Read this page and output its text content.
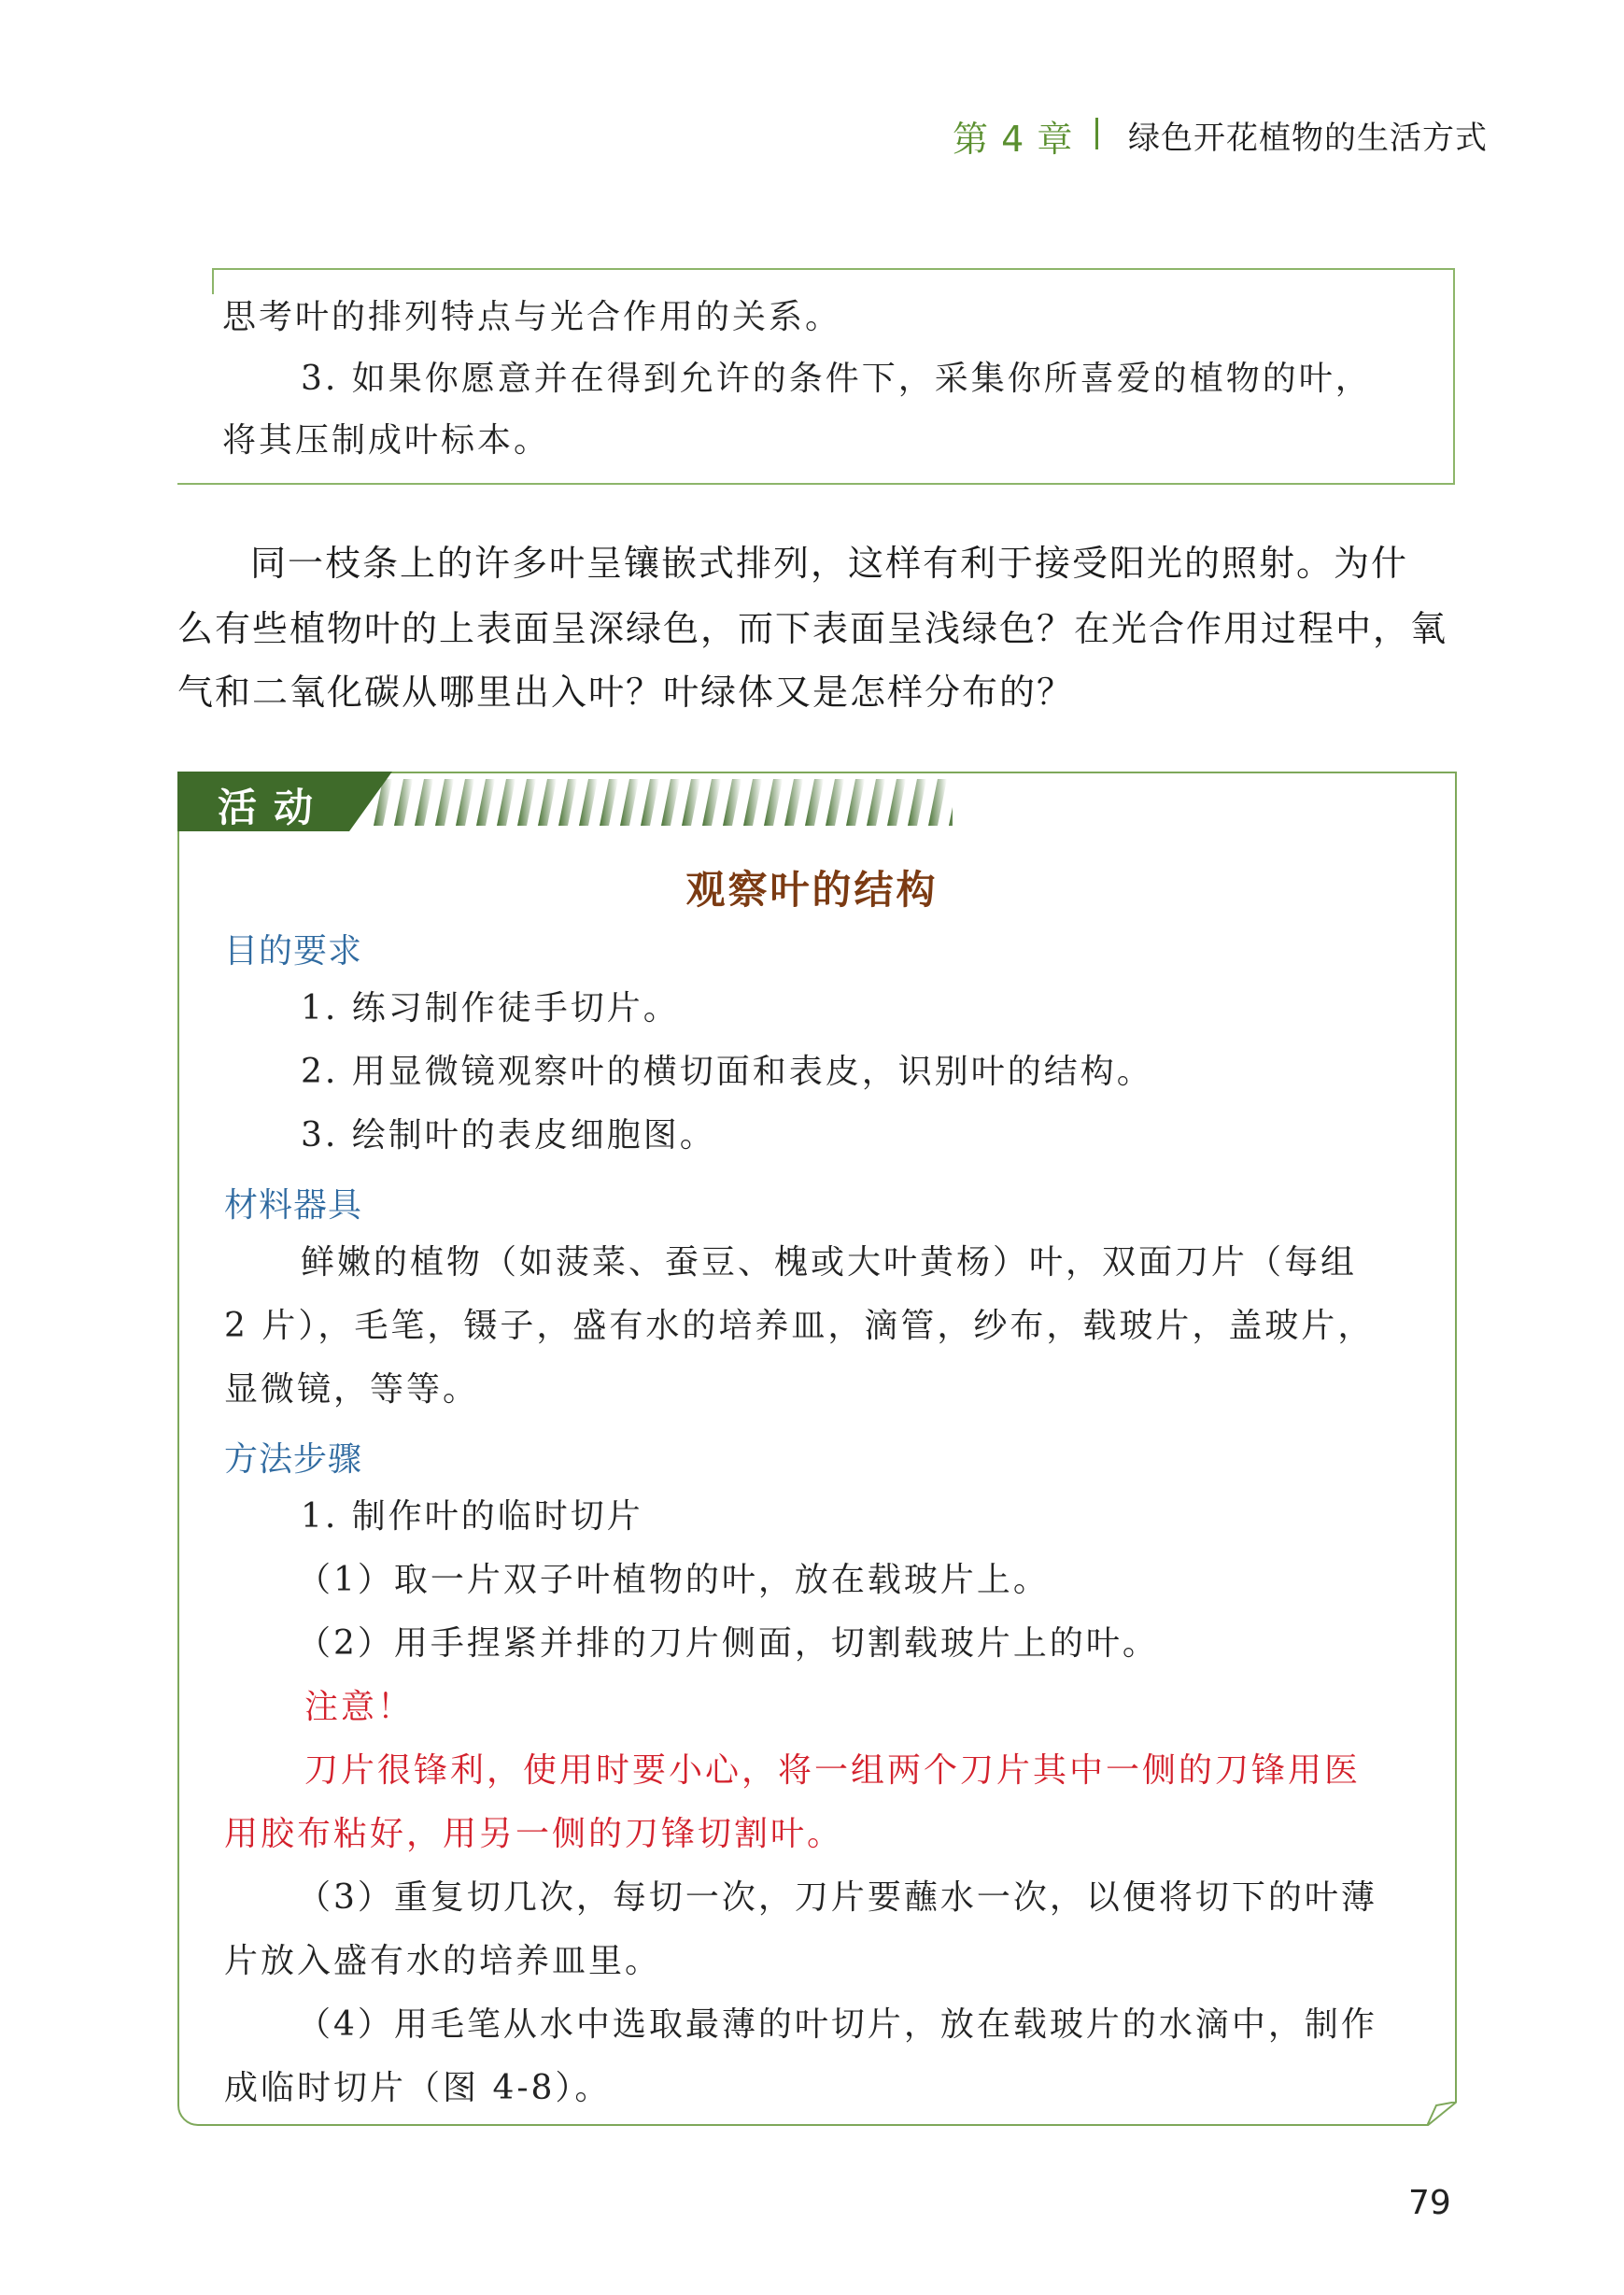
第 4 章 绿色开花植物的生活方式
思考叶的排列特点与光合作用的关系。
3. 如果你愿意并在得到允许的条件下，采集你所喜爱的植物的叶，
将其压制成叶标本。
同一枝条上的许多叶呈镶嵌式排列，这样有利于接受阳光的照射。为什
么有些植物叶的上表面呈深绿色，而下表面呈浅绿色？在光合作用过程中，氧
气和二氧化碳从哪里出入叶？叶绿体又是怎样分布的？
活动
观察叶的结构
目的要求
1. 练习制作徒手切片。
2. 用显微镜观察叶的横切面和表皮，识别叶的结构。
3. 绘制叶的表皮细胞图。
材料器具
鲜嫩的植物（如菠菜、蚕豆、槐或大叶黄杨）叶，双面刀片（每组
2 片），毛笔，镊子，盛有水的培养皿，滴管，纱布，载玻片，盖玻片，
显微镜，等等。
方法步骤
1. 制作叶的临时切片
（1）取一片双子叶植物的叶，放在载玻片上。
（2）用手捏紧并排的刀片侧面，切割载玻片上的叶。
注意！
刀片很锋利，使用时要小心，将一组两个刀片其中一侧的刀锋用医
用胶布粘好，用另一侧的刀锋切割叶。
（3）重复切几次，每切一次，刀片要蘸水一次，以便将切下的叶薄
片放入盛有水的培养皿里。
（4）用毛笔从水中选取最薄的叶切片，放在载玻片的水滴中，制作
成临时切片（图 4-8）。
79
